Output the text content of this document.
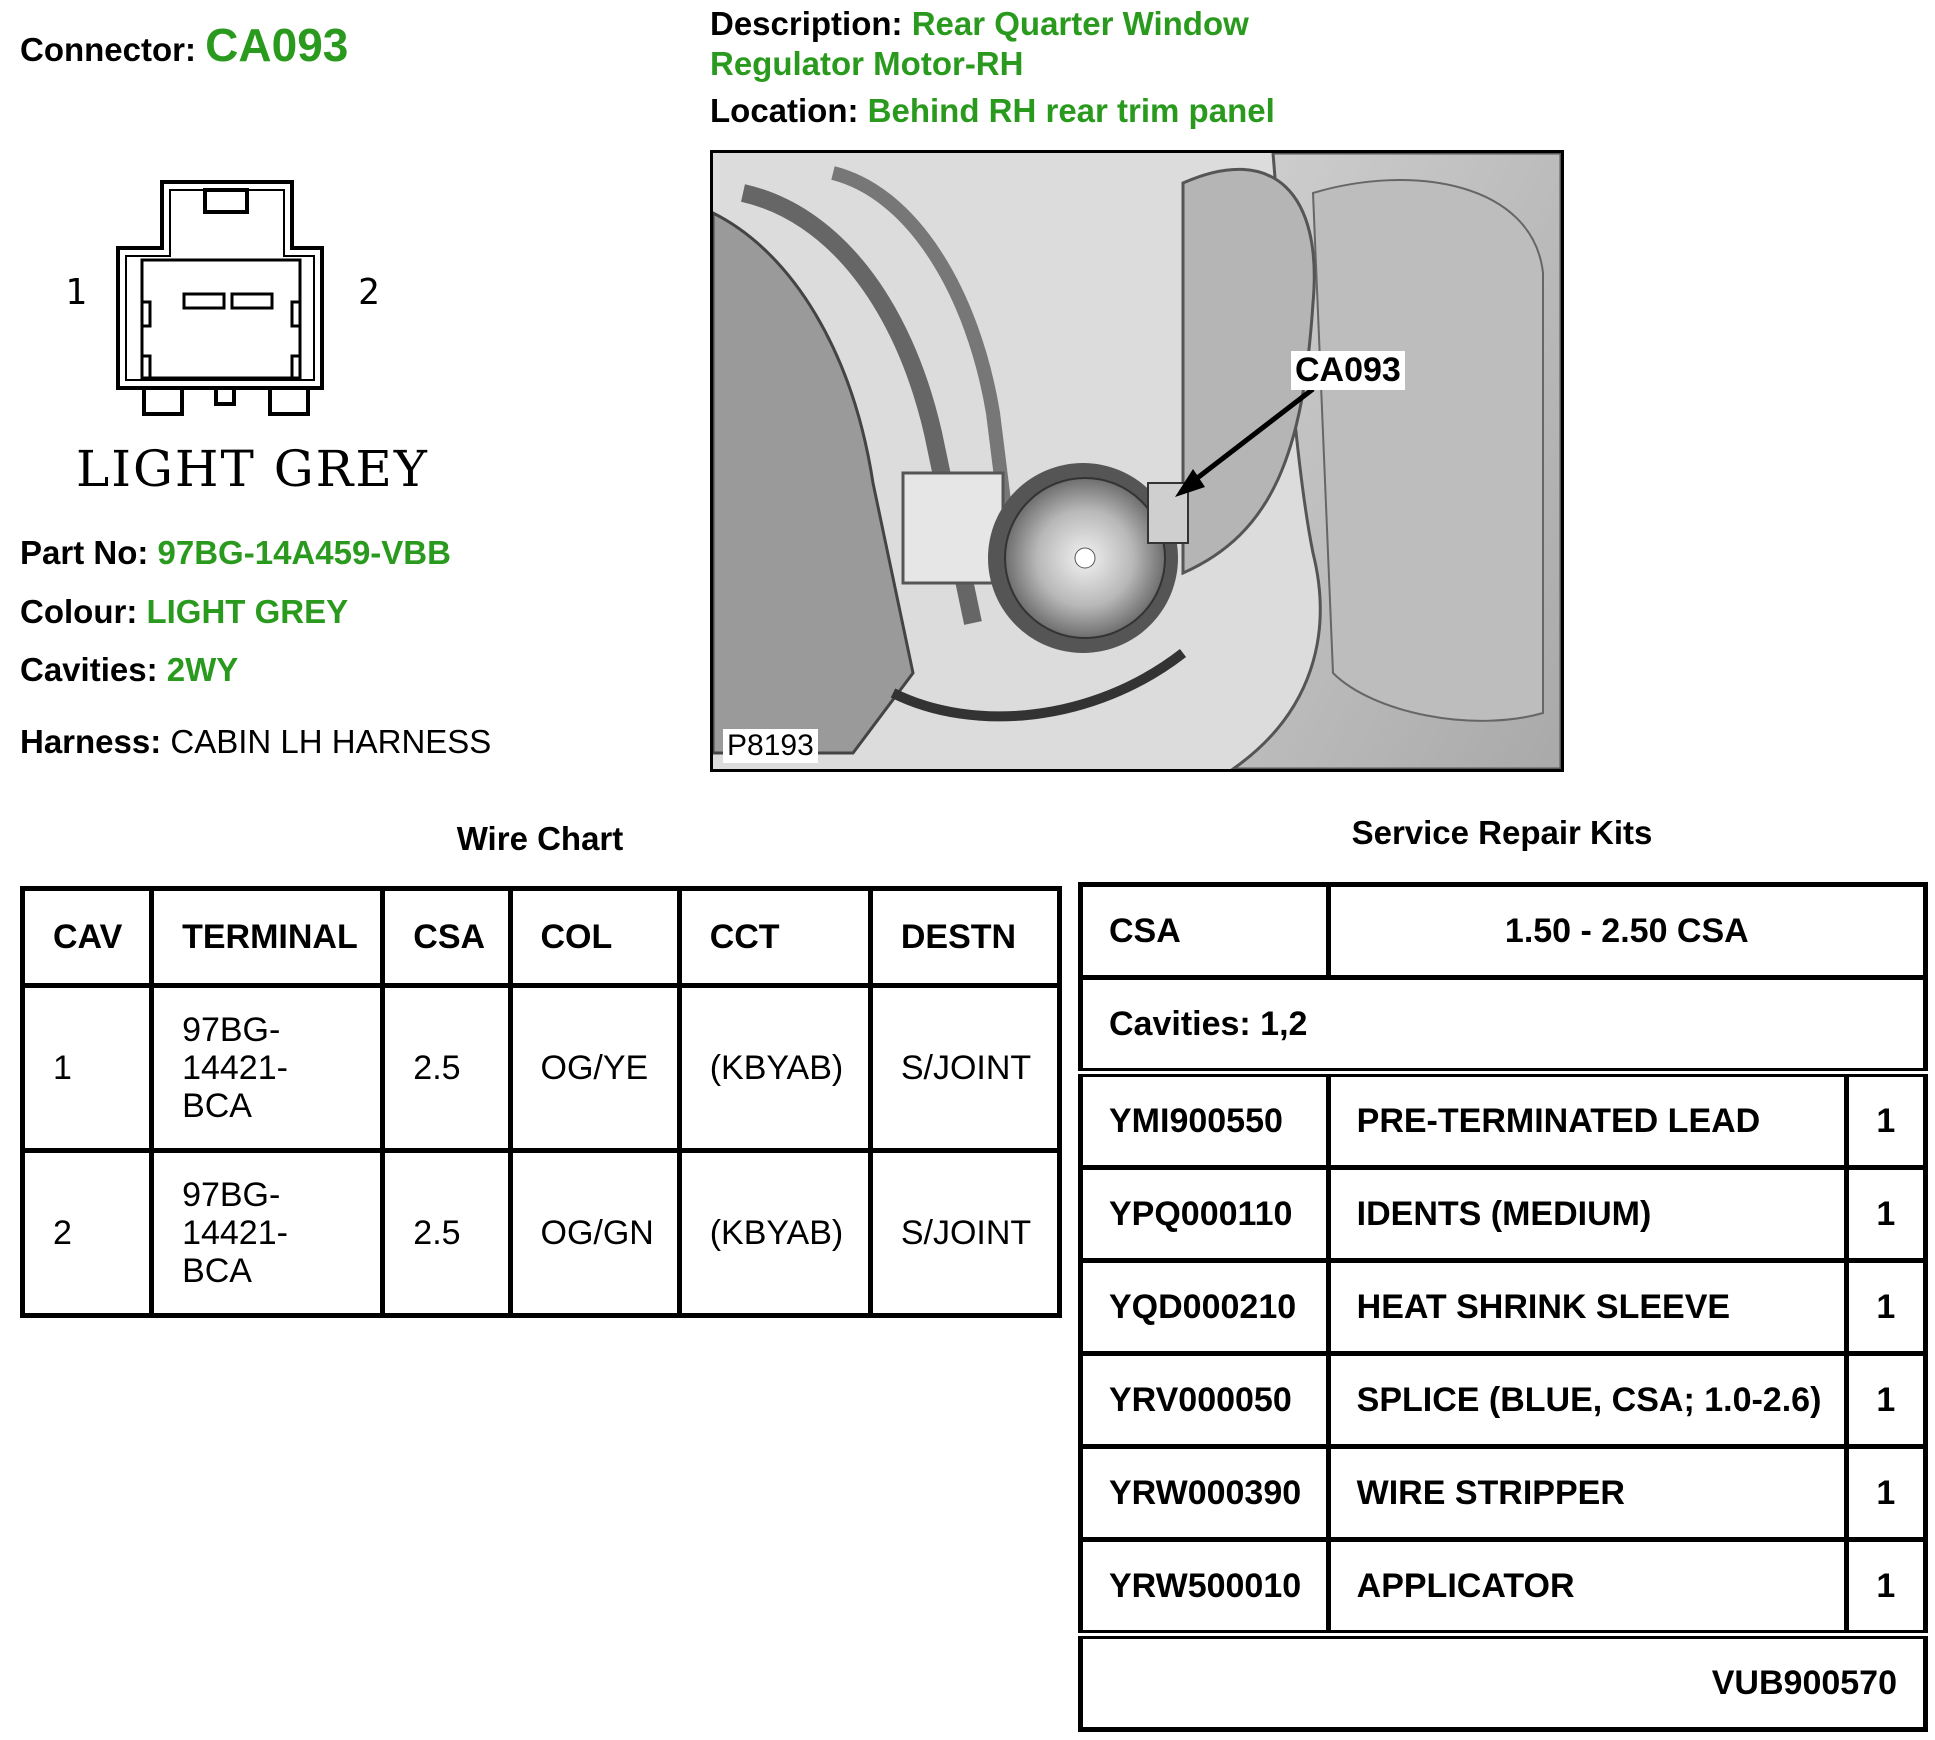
Connector: CA093	Description: Rear Quarter Window
Regulator Motor-RH
Location: Behind RH rear trim panel
1	2
LIGHT GREY
Part No: 97BG-14A459-VBB
Colour: LIGHT GREY
Cavities: 2WY
Harness: CABIN LH HARNESS
CA093
P8193
Wire Chart
CAV	TERMINAL	CSA	COL	CCT	DESTN
1	97BG-
14421-
BCA	2.5	OG/YE	(KBYAB)	S/JOINT
2	97BG-
14421-
BCA	2.5	OG/GN	(KBYAB)	S/JOINT
Service Repair Kits
CSA	1.50 - 2.50 CSA	
Cavities: 1,2		
YMI900550	PRE-TERMINATED LEAD	1
YPQ000110	IDENTS (MEDIUM)	1
YQD000210	HEAT SHRINK SLEEVE	1
YRV000050	SPLICE (BLUE, CSA; 1.0-2.6)	1
YRW000390	WIRE STRIPPER	1
YRW500010	APPLICATOR	1
VUB900570		
